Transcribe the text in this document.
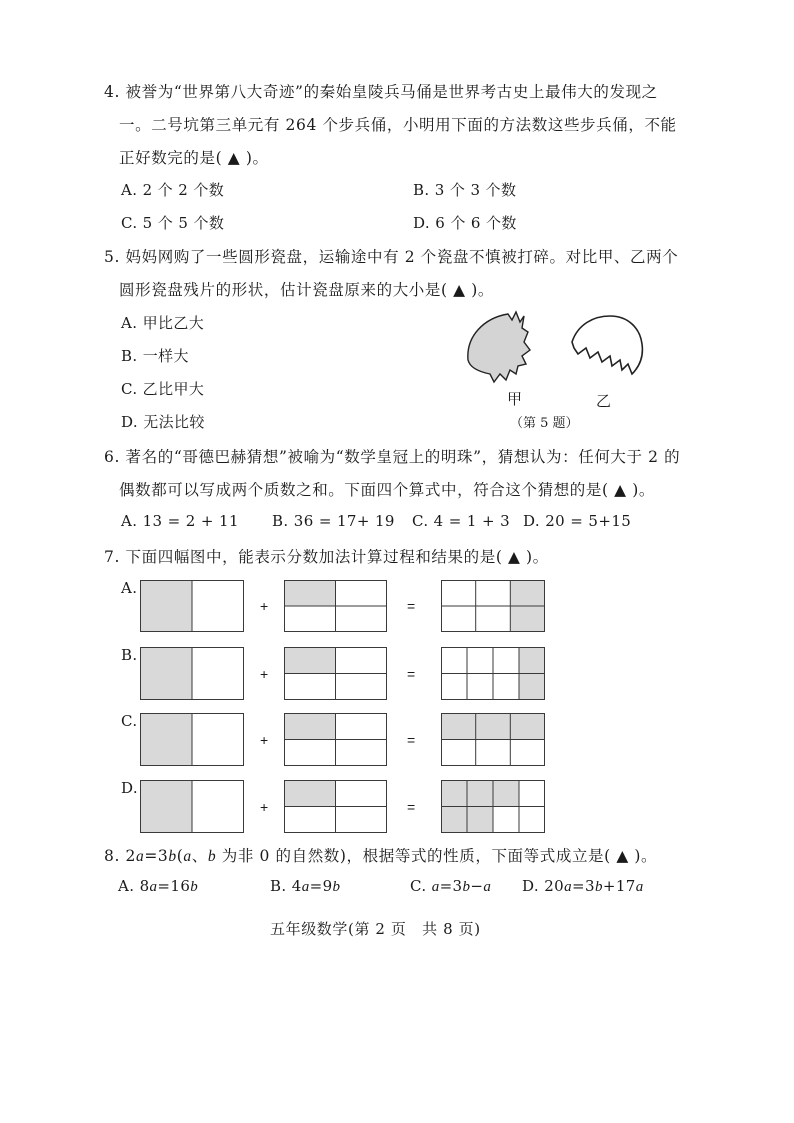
4. 被誉为“世界第八大奇迹”的秦始皇陵兵马俑是世界考古史上最伟大的发现之
一。二号坑第三单元有 264 个步兵俑，小明用下面的方法数这些步兵俑，不能
正好数完的是( ▲ )。
A. 2 个 2 个数	B. 3 个 3 个数
C. 5 个 5 个数	D. 6 个 6 个数
5. 妈妈网购了一些圆形瓷盘，运输途中有 2 个瓷盘不慎被打碎。对比甲、乙两个
圆形瓷盘残片的形状，估计瓷盘原来的大小是( ▲ )。
A. 甲比乙大
B. 一样大
C. 乙比甲大
D. 无法比较
甲	乙
（第 5 题）
6. 著名的“哥德巴赫猜想”被喻为“数学皇冠上的明珠”，猜想认为：任何大于 2 的
偶数都可以写成两个质数之和。下面四个算式中，符合这个猜想的是( ▲ )。
A. 13 = 2 + 11 B. 36 = 17+ 19 C. 4 = 1 + 3 D. 20 = 5+15
7. 下面四幅图中，能表示分数加法计算过程和结果的是( ▲ )。
A.
+	=
B.
+	=
C.
+	=
D.
+	=
8. 2a=3b(a、b 为非 0 的自然数)，根据等式的性质，下面等式成立是( ▲ )。
A. 8a=16b	B. 4a=9b	C. a=3b−a D. 20a=3b+17a
五年级数学(第 2 页　共 8 页)
